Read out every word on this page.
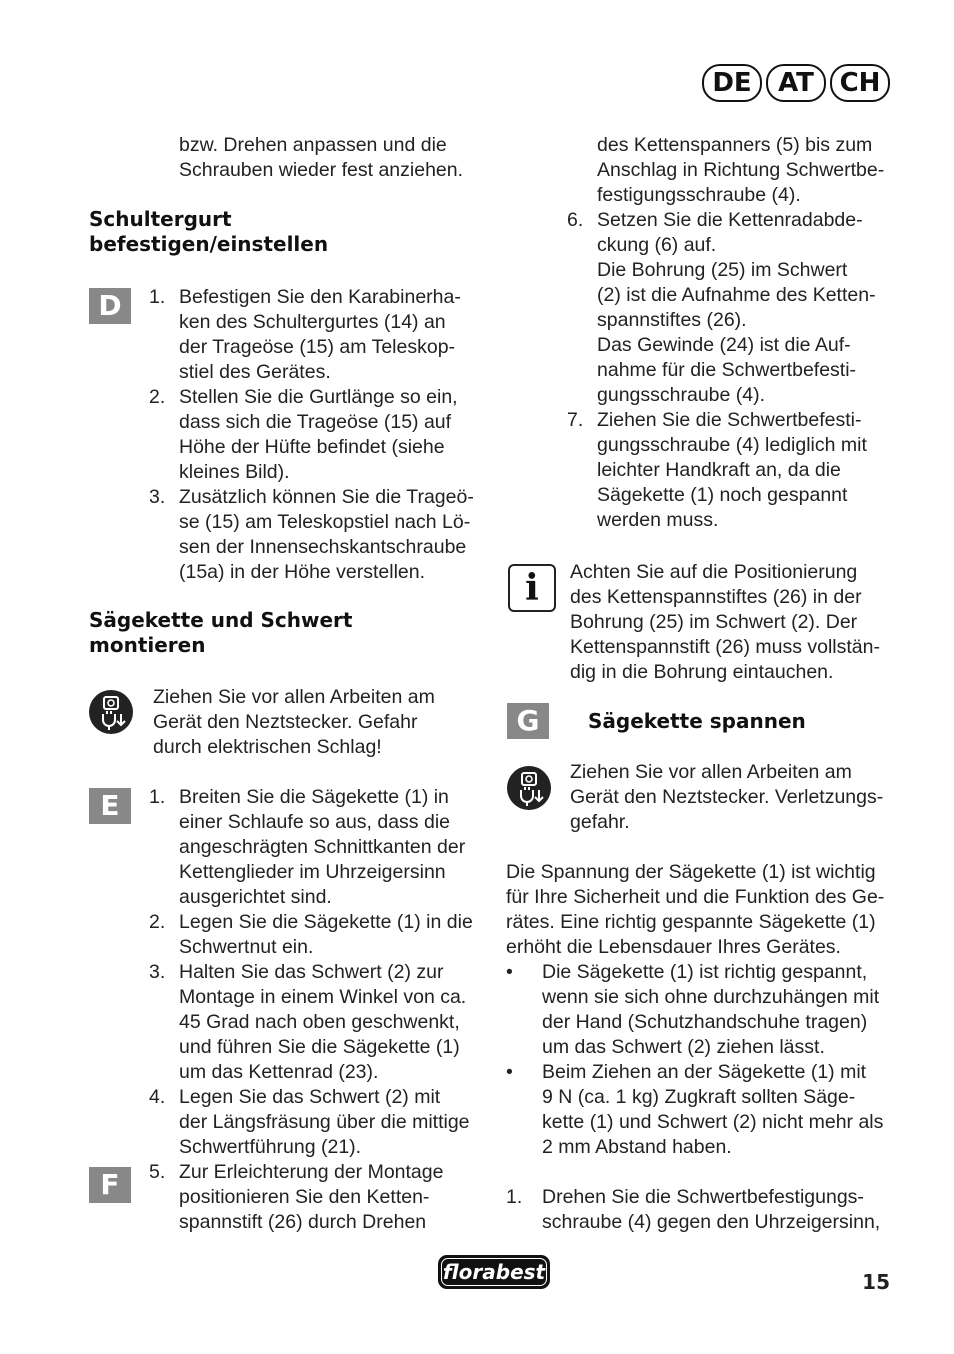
DE	AT CH
bzw. Drehen anpassen und die
Schrauben wieder fest anziehen.
Schultergurt
befestigen/einstellen
D	1. Befestigen Sie den Karabinerha-
ken des Schultergurtes (14) an
der Trageöse (15) am Teleskop-
stiel des Gerätes.
2. Stellen Sie die Gurtlänge so ein,
dass sich die Trageöse (15) auf
Höhe der Hüfte befindet (siehe
kleines Bild).
3. Zusätzlich können Sie die Trageö-
se (15) am Teleskopstiel nach Lö-
sen der Innensechskantschraube
(15a) in der Höhe verstellen.
Sägekette und Schwert
montieren
Ziehen Sie vor allen Arbeiten am
Gerät den Neztstecker. Gefahr
durch elektrischen Schlag!
E
F
1. Breiten Sie die Sägekette (1) in
einer Schlaufe so aus, dass die
angeschrägten Schnittkanten der
Kettenglieder im Uhrzeigersinn
ausgerichtet sind.
2. Legen Sie die Sägekette (1) in die
Schwertnut ein.
3. Halten Sie das Schwert (2) zur
Montage in einem Winkel von ca.
45 Grad nach oben geschwenkt,
und führen Sie die Sägekette (1)
um das Kettenrad (23).
4. Legen Sie das Schwert (2) mit
der Längsfräsung über die mittige
Schwertführung (21).
5. Zur Erleichterung der Montage
positionieren Sie den Ketten-
spannstift (26) durch Drehen
des Kettenspanners (5) bis zum
Anschlag in Richtung Schwertbe-
festigungsschraube (4).
6. Setzen Sie die Kettenradabde-
ckung (6) auf.
Die Bohrung (25) im Schwert
(2) ist die Aufnahme des Ketten-
spannstiftes (26).
Das Gewinde (24) ist die Auf-
nahme für die Schwertbefesti-
gungsschraube (4).
7. Ziehen Sie die Schwertbefesti-
gungsschraube (4) lediglich mit
leichter Handkraft an, da die
Sägekette (1) noch gespannt
werden muss.
i	Achten Sie auf die Positionierung
des Kettenspannstiftes (26) in der
Bohrung (25) im Schwert (2). Der
Kettenspannstift (26) muss vollstän-
dig in die Bohrung eintauchen.
G	Sägekette spannen
Ziehen Sie vor allen Arbeiten am
Gerät den Neztstecker. Verletzungs-
gefahr.
Die Spannung der Sägekette (1) ist wichtig
für Ihre Sicherheit und die Funktion des Ge-
rätes. Eine richtig gespannte Sägekette (1)
erhöht die Lebensdauer Ihres Gerätes.
• Die Sägekette (1) ist richtig gespannt,
wenn sie sich ohne durchzuhängen mit
der Hand (Schutzhandschuhe tragen)
um das Schwert (2) ziehen lässt.
• Beim Ziehen an der Sägekette (1) mit
9 N (ca. 1 kg) Zugkraft sollten Säge-
kette (1) und Schwert (2) nicht mehr als
2 mm Abstand haben.
1. Drehen Sie die Schwertbefestigungs-
schraube (4) gegen den Uhrzeigersinn,
florabest	15
